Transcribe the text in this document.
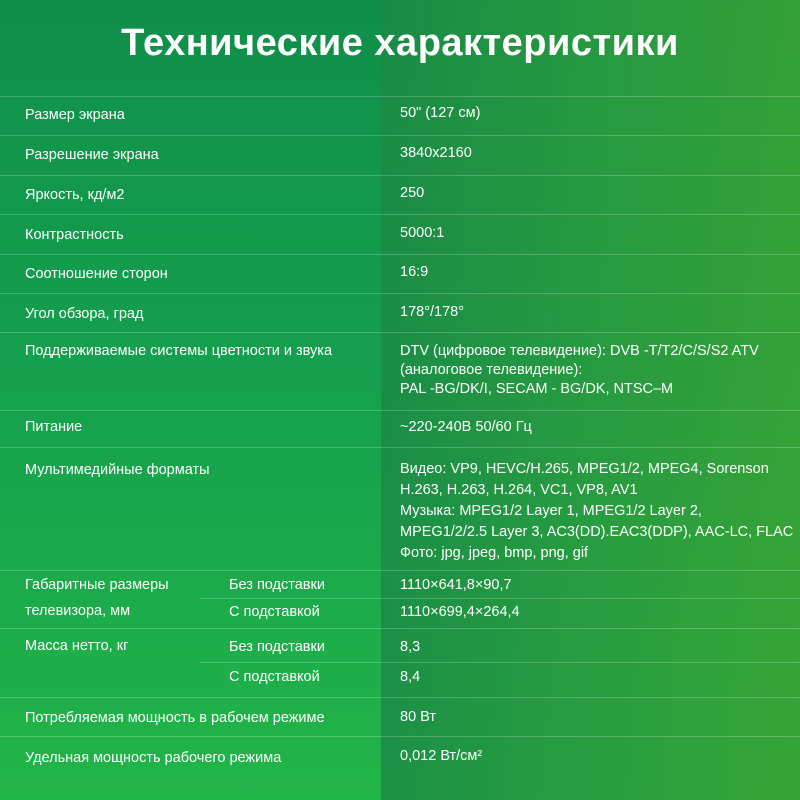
Технические характеристики
Размер экрана	50" (127 см)
Разрешение экрана	3840x2160
Яркость, кд/м2	250
Контрастность	5000:1
Соотношение сторон	16:9
Угол обзора, град	178°/178°
Поддерживаемые системы цветности и звука	DTV (цифровое телевидение): DVB -T/T2/C/S/S2 ATV
(аналоговое телевидение):
PAL -BG/DK/I, SECAM - BG/DK, NTSC–M
Питание	~220-240В 50/60 Гц
Мультимедийные форматы	Видео: VP9, HEVC/H.265, MPEG1/2, MPEG4, Sorenson
H.263, H.263, H.264, VC1, VP8, AV1
Музыка: MPEG1/2 Layer 1, MPEG1/2 Layer 2,
MPEG1/2/2.5 Layer 3, AC3(DD).EAC3(DDP), AAC-LC, FLAC
Фото: jpg, jpeg, bmp, png, gif
Габаритные размеры
телевизора, мм
Без подставки	1110×641,8×90,7
С подставкой	1110×699,4×264,4
Масса нетто, кг	Без подставки	8,3
С подставкой	8,4
Потребляемая мощность в рабочем режиме	80 Вт
Удельная мощность рабочего режима	0,012 Вт/см²
